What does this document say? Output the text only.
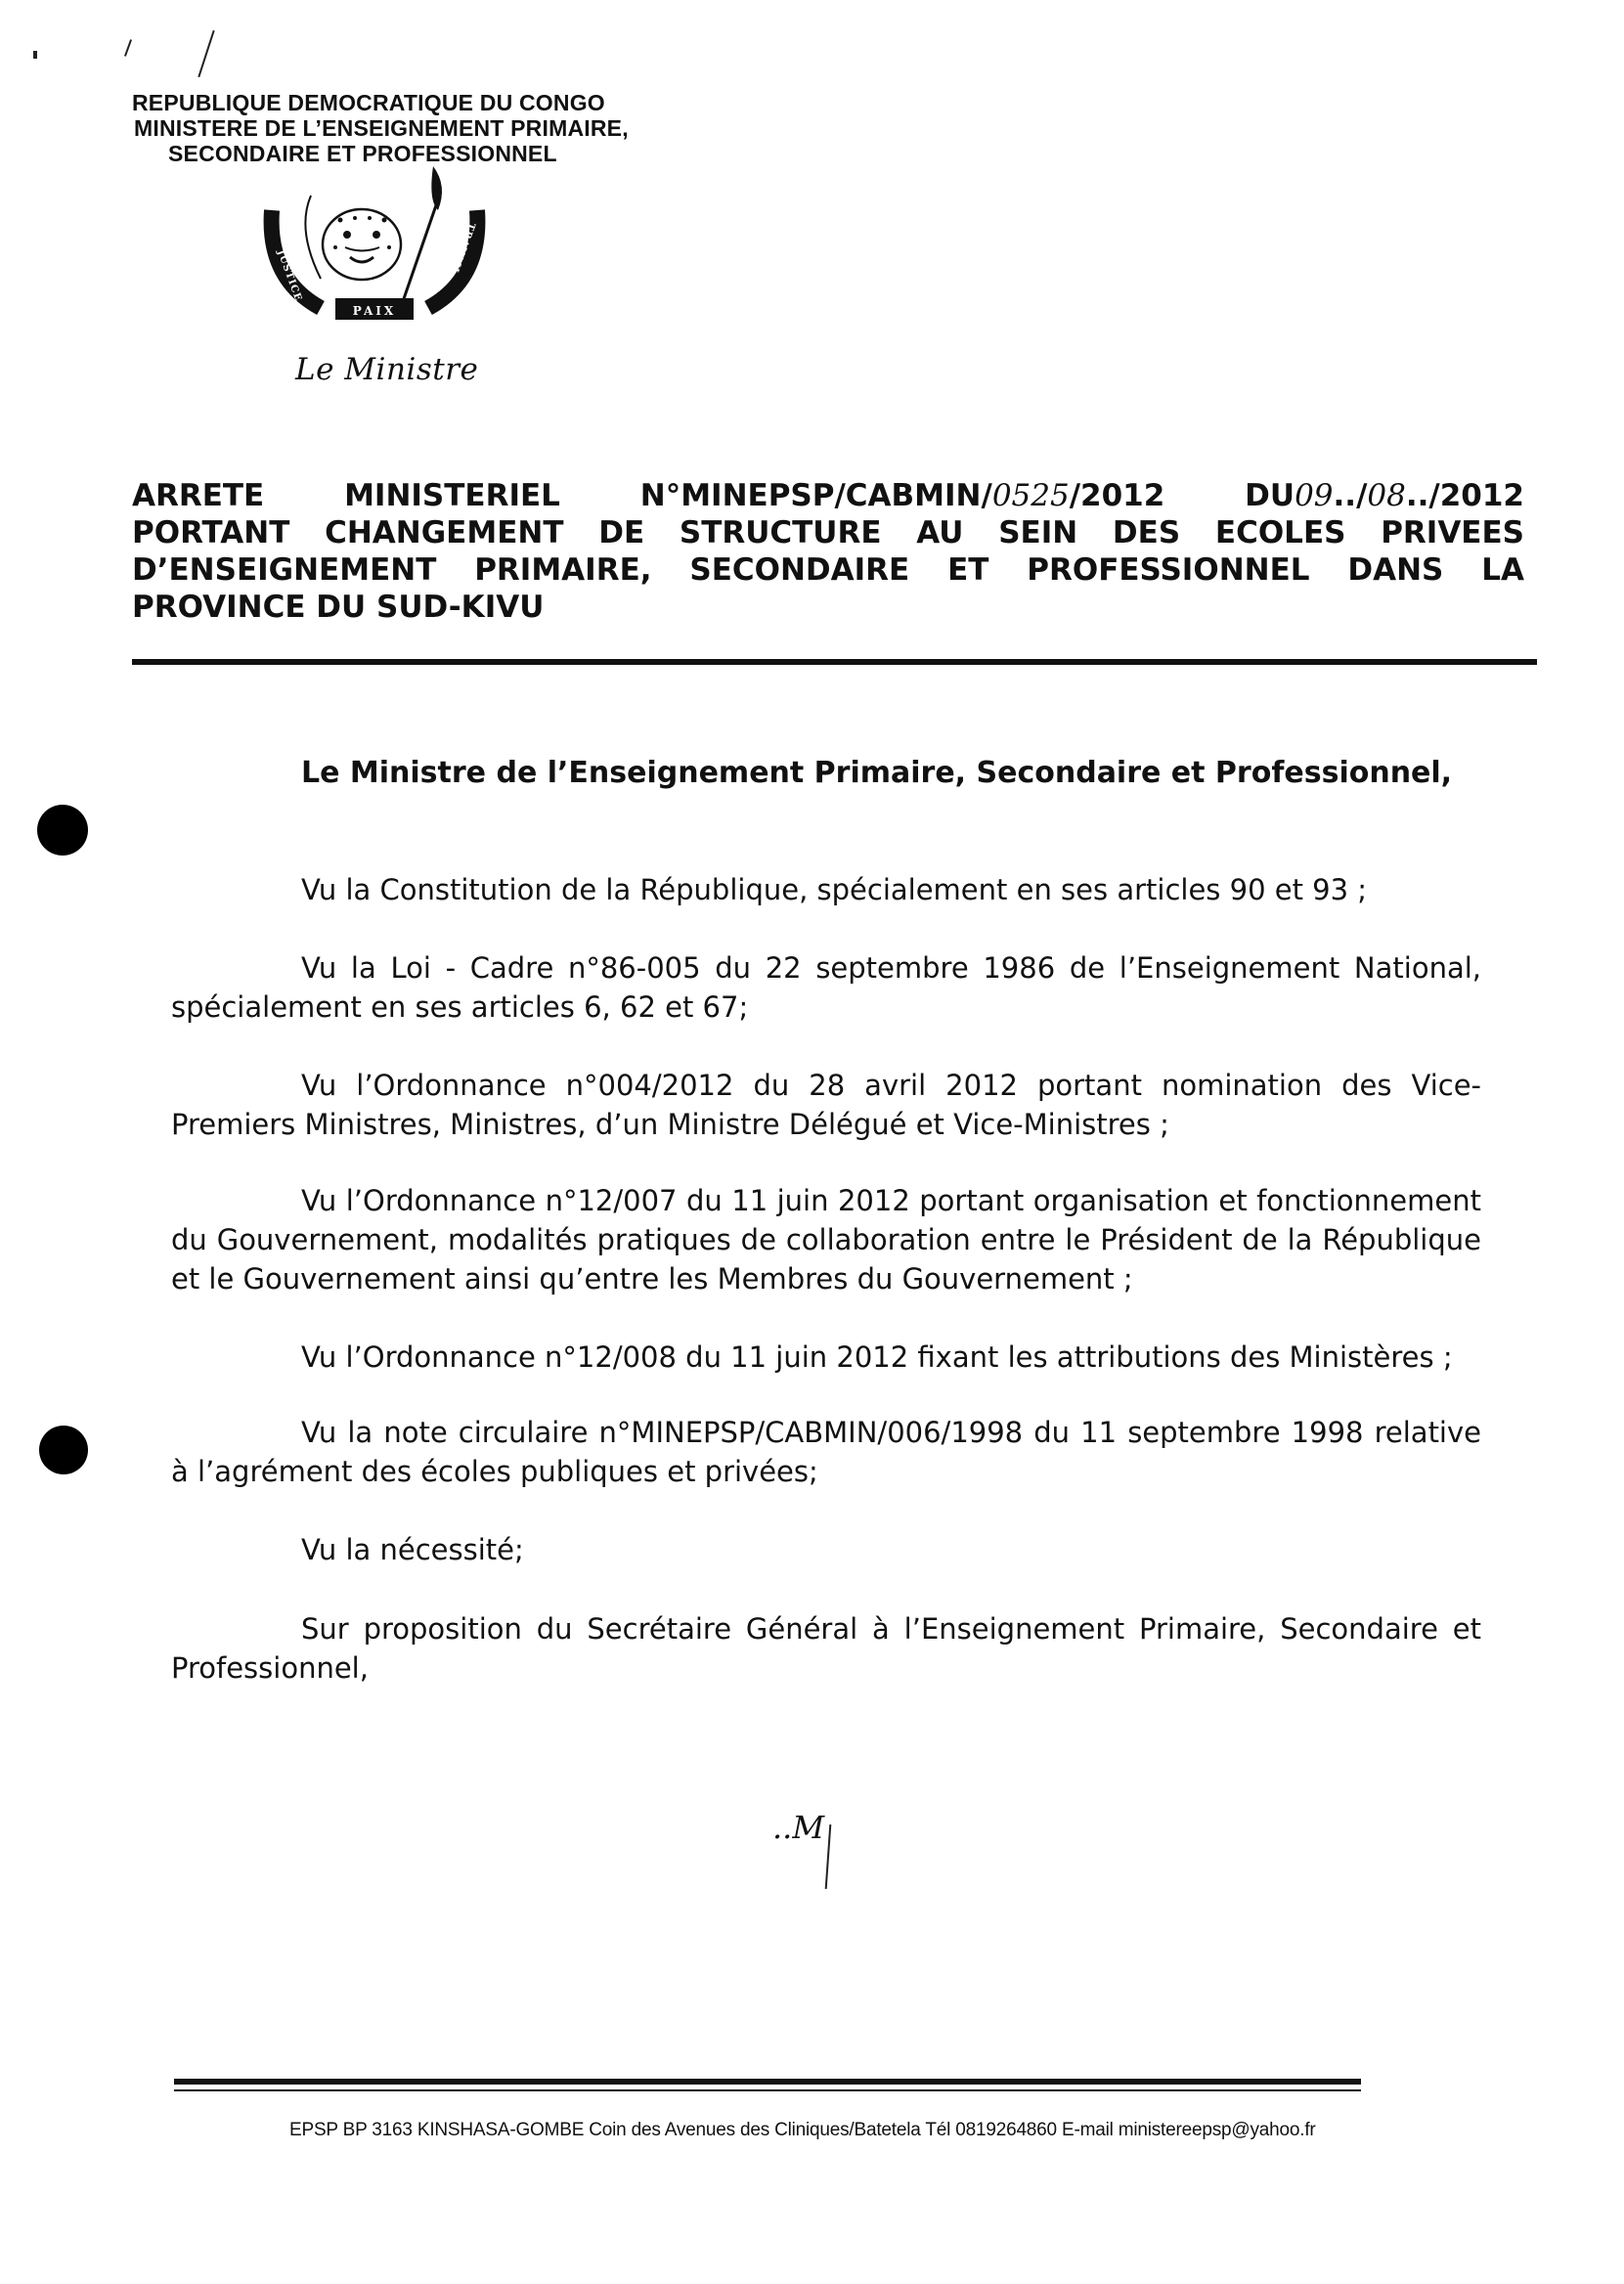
REPUBLIQUE DEMOCRATIQUE DU CONGO
MINISTERE DE L’ENSEIGNEMENT PRIMAIRE,
SECONDAIRE ET PROFESSIONNEL
PAIX
JUSTICE	TRAVAIL
Le Ministre
ARRETE	MINISTERIEL	N°MINEPSP/CABMIN/0525/2012	DU09../08../2012
PORTANT CHANGEMENT DE STRUCTURE AU SEIN DES ECOLES PRIVEES
D’ENSEIGNEMENT PRIMAIRE, SECONDAIRE ET PROFESSIONNEL DANS LA
PROVINCE DU SUD-KIVU
Le Ministre de l’Enseignement Primaire, Secondaire et Professionnel,
Vu la Constitution de la République, spécialement en ses articles 90 et 93 ;
Vu la Loi - Cadre n°86-005 du 22 septembre 1986 de l’Enseignement National, spécialement en ses articles 6, 62 et 67;
Vu l’Ordonnance n°004/2012 du 28 avril 2012 portant nomination des Vice-Premiers Ministres, Ministres, d’un Ministre Délégué et Vice-Ministres ;
Vu l’Ordonnance n°12/007 du 11 juin 2012 portant organisation et fonctionnement du Gouvernement, modalités pratiques de collaboration entre le Président de la République et le Gouvernement ainsi qu’entre les Membres du Gouvernement ;
Vu l’Ordonnance n°12/008 du 11 juin 2012 fixant les attributions des Ministères ;
Vu la note circulaire n°MINEPSP/CABMIN/006/1998 du 11 septembre 1998 relative à l’agrément des écoles publiques et privées;
Vu la nécessité;
Sur proposition du Secrétaire Général à l’Enseignement Primaire, Secondaire et Professionnel,
..M
EPSP BP 3163 KINSHASA-GOMBE Coin des Avenues des Cliniques/Batetela Tél 0819264860 E-mail ministereepsp@yahoo.fr
